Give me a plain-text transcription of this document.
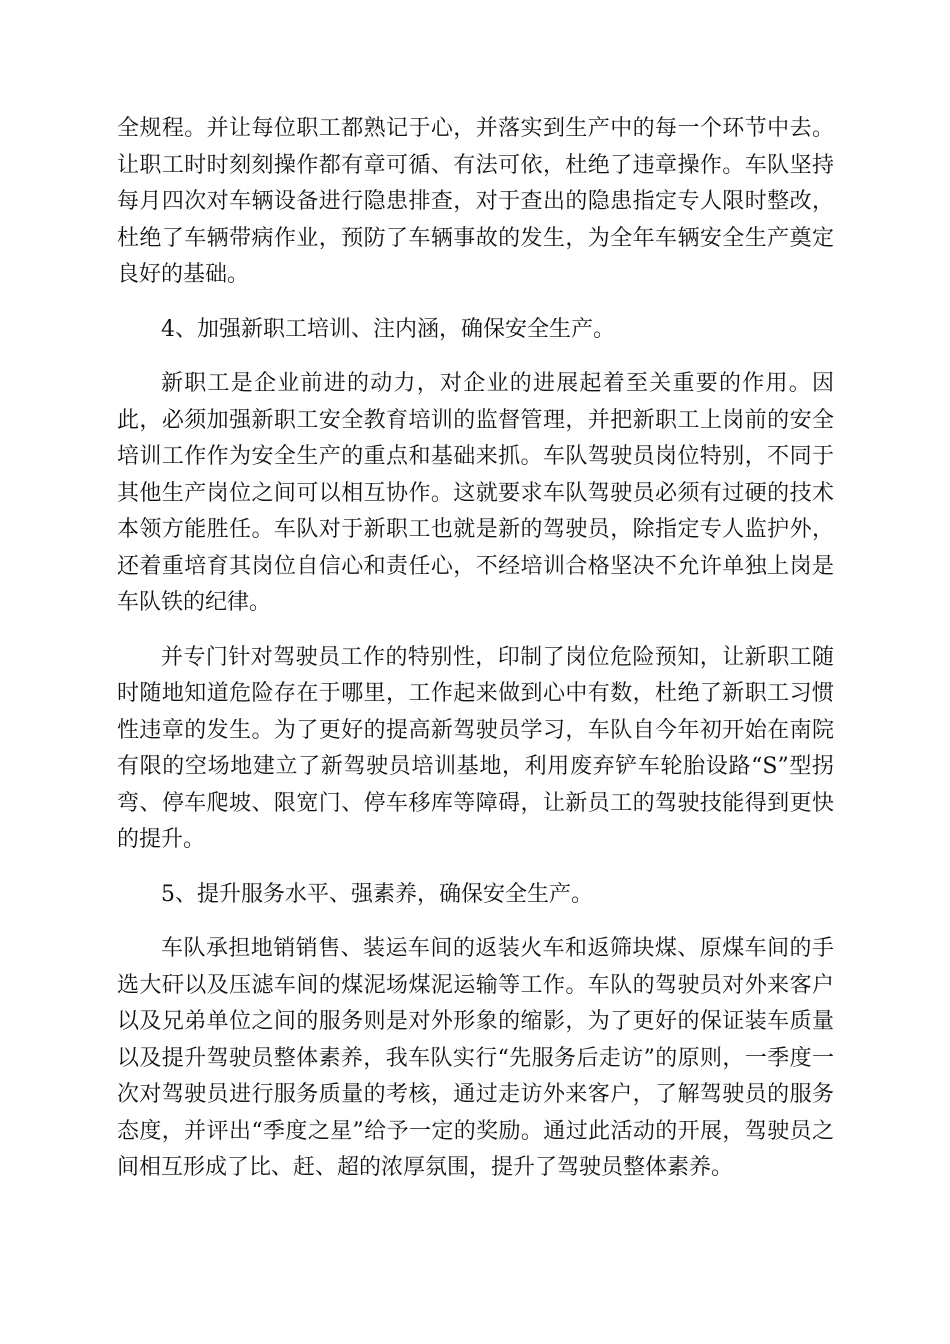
全规程。并让每位职工都熟记于心，并落实到生产中的每一个环节中去。让职工时时刻刻操作都有章可循、有法可依，杜绝了违章操作。车队坚持每月四次对车辆设备进行隐患排查，对于查出的隐患指定专人限时整改，杜绝了车辆带病作业，预防了车辆事故的发生，为全年车辆安全生产奠定良好的基础。

4、加强新职工培训、注内涵，确保安全生产。

新职工是企业前进的动力，对企业的进展起着至关重要的作用。因此，必须加强新职工安全教育培训的监督管理，并把新职工上岗前的安全培训工作作为安全生产的重点和基础来抓。车队驾驶员岗位特别，不同于其他生产岗位之间可以相互协作。这就要求车队驾驶员必须有过硬的技术本领方能胜任。车队对于新职工也就是新的驾驶员，除指定专人监护外，还着重培育其岗位自信心和责任心，不经培训合格坚决不允许单独上岗是车队铁的纪律。

并专门针对驾驶员工作的特别性，印制了岗位危险预知，让新职工随时随地知道危险存在于哪里，工作起来做到心中有数，杜绝了新职工习惯性违章的发生。为了更好的提高新驾驶员学习，车队自今年初开始在南院有限的空场地建立了新驾驶员培训基地，利用废弃铲车轮胎设路“S”型拐弯、停车爬坡、限宽门、停车移库等障碍，让新员工的驾驶技能得到更快的提升。

5、提升服务水平、强素养，确保安全生产。

车队承担地销销售、装运车间的返装火车和返筛块煤、原煤车间的手选大矸以及压滤车间的煤泥场煤泥运输等工作。车队的驾驶员对外来客户以及兄弟单位之间的服务则是对外形象的缩影，为了更好的保证装车质量以及提升驾驶员整体素养，我车队实行“先服务后走访”的原则，一季度一次对驾驶员进行服务质量的考核，通过走访外来客户，了解驾驶员的服务态度，并评出“季度之星”给予一定的奖励。通过此活动的开展，驾驶员之间相互形成了比、赶、超的浓厚氛围，提升了驾驶员整体素养。
